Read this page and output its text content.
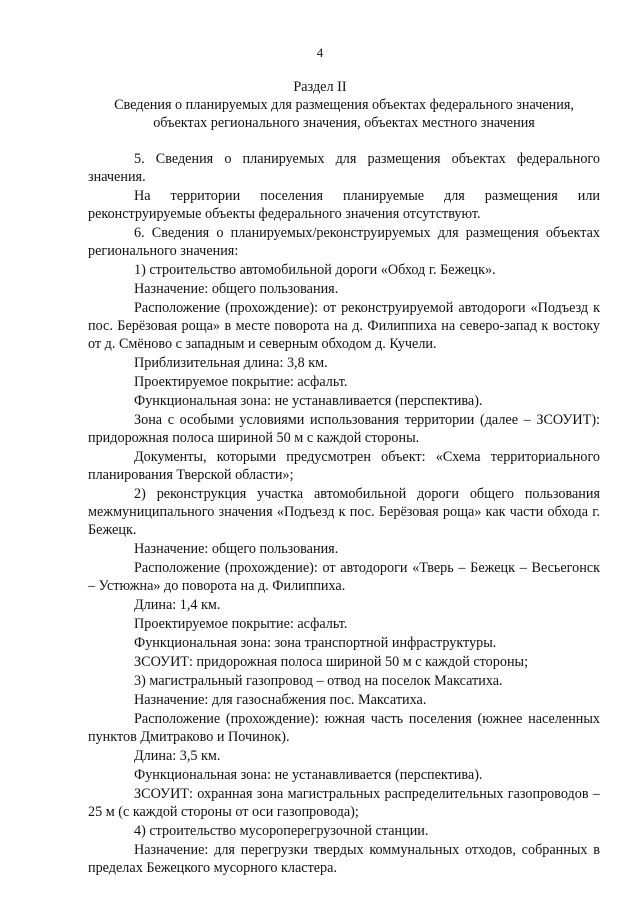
4
Раздел II
Сведения о планируемых для размещения объектах федерального значения, объектах регионального значения, объектах местного значения

5. Сведения о планируемых для размещения объектах федерального значения.

На территории поселения планируемые для размещения или реконструируемые объекты федерального значения отсутствуют.

6. Сведения о планируемых/реконструируемых для размещения объектах регионального значения:

1) строительство автомобильной дороги «Обход г. Бежецк».

Назначение: общего пользования.

Расположение (прохождение): от реконструируемой автодороги «Подъезд к пос. Берёзовая роща» в месте поворота на д. Филиппиха на северо-запад к востоку от д. Смёново с западным и северным обходом д. Кучели.

Приблизительная длина: 3,8 км.

Проектируемое покрытие: асфальт.

Функциональная зона: не устанавливается (перспектива).

Зона с особыми условиями использования территории (далее – ЗСОУИТ): придорожная полоса шириной 50 м с каждой стороны.

Документы, которыми предусмотрен объект: «Схема территориального планирования Тверской области»;

2) реконструкция участка автомобильной дороги общего пользования межмуниципального значения «Подъезд к пос. Берёзовая роща» как части обхода г. Бежецк.

Назначение: общего пользования.

Расположение (прохождение): от автодороги «Тверь – Бежецк – Весьегонск – Устюжна» до поворота на д. Филиппиха.

Длина: 1,4 км.

Проектируемое покрытие: асфальт.

Функциональная зона: зона транспортной инфраструктуры.

ЗСОУИТ: придорожная полоса шириной 50 м с каждой стороны;

3) магистральный газопровод – отвод на поселок Максатиха.

Назначение: для газоснабжения пос. Максатиха.

Расположение (прохождение): южная часть поселения (южнее населенных пунктов Дмитраково и Починок).

Длина: 3,5 км.

Функциональная зона: не устанавливается (перспектива).

ЗСОУИТ: охранная зона магистральных распределительных газопроводов – 25 м (с каждой стороны от оси газопровода);

4) строительство мусороперегрузочной станции.

Назначение: для перегрузки твердых коммунальных отходов, собранных в пределах Бежецкого мусорного кластера.
